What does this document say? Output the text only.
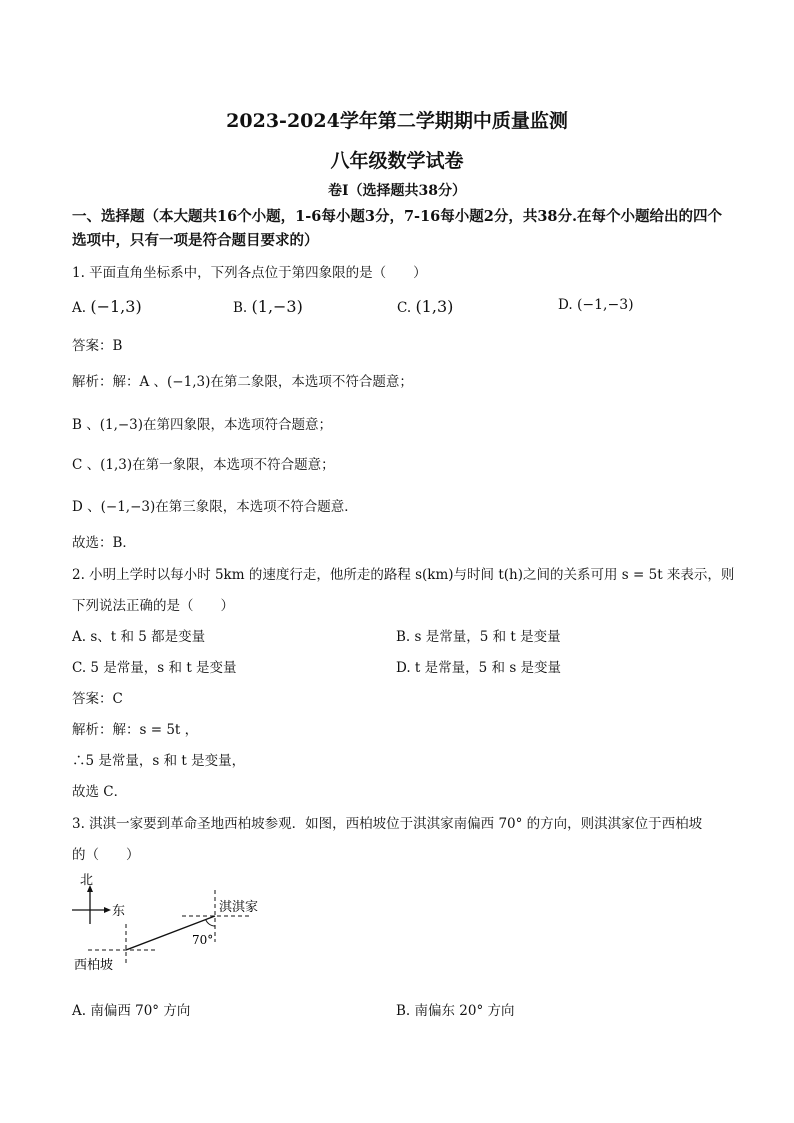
2023-2024学年第二学期期中质量监测
八年级数学试卷
卷Ⅰ（选择题共38分）
一、选择题（本大题共16个小题，1-6每小题3分，7-16每小题2分，共38分.在每个小题给出的四个选项中，只有一项是符合题目要求的）
1. 平面直角坐标系中，下列各点位于第四象限的是（　　）
A. (−1,3)	B. (1,−3)	C. (1,3)	D. (−1,−3)
答案：B
解析：解：A 、(−1,3)在第二象限，本选项不符合题意；
B 、(1,−3)在第四象限，本选项符合题意；
C 、(1,3)在第一象限，本选项不符合题意；
D 、(−1,−3)在第三象限，本选项不符合题意．
故选：B．
2. 小明上学时以每小时 5km 的速度行走，他所走的路程 s(km)与时间 t(h)之间的关系可用 s = 5t 来表示，则
下列说法正确的是（　　）
A. s、t 和 5 都是变量	B. s 是常量，5 和 t 是变量
C. 5 是常量，s 和 t 是变量	D. t 是常量，5 和 s 是变量
答案：C
解析：解：s = 5t ，
∴5 是常量，s 和 t 是变量，
故选 C．
3. 淇淇一家要到革命圣地西柏坡参观．如图，西柏坡位于淇淇家南偏西 70° 的方向，则淇淇家位于西柏坡
的（　　）
北
东	淇淇家
70°
西柏坡
A. 南偏西 70° 方向	B. 南偏东 20° 方向
